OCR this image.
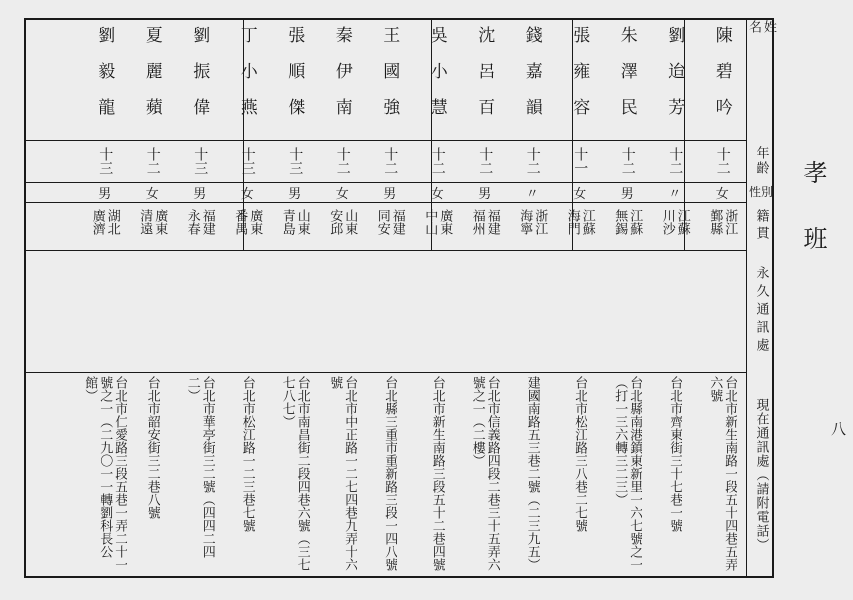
姓名
年齡
性別
籍貫
永久通訊處
現在通訊處（請附電話）
陳碧吟
十二
女
浙江鄞縣
台北市新生南路一段五十四巷五弄六號
劉迨芳
十二
〃
江蘇川沙
台北市齊東街三十七巷一號
朱澤民
十二
男
江蘇無錫
台北縣南港鎮東新里一六七號之一（打一三六轉三二三）
張雍容
十一
女
江蘇海門
台北市松江路三八巷二七號
錢嘉韻
十二
〃
浙江海寧
建國南路五三巷二號（二三九五）
沈呂百
十二
男
福建福州
台北市信義路四段二巷三十五弄六號之一（二樓）
吳小慧
十二
女
廣東中山
台北市新生南路三段五十二巷四號
王國強
十二
男
福建同安
台北縣三重市重新路三段一四八號
秦伊南
十二
女
山東安邱
台北市中正路一二七四巷九弄十六號
張順傑
十三
男
山東青島
台北市南昌街二段四巷六號（三七七八七）
丁小燕
十三
女
廣東番禺
台北市松江路一二三巷七號
劉振偉
十三
男
福建永春
台北市華亭街三二號（四四二四二）
夏麗蘋
十二
女
廣東清遠
台北市韶安街三二巷八號
劉毅龍
十三
男
湖北廣濟
台北市仁愛路三段五巷一弄二十一號之一（二九〇一一轉劉科長公館）
孝班
八
